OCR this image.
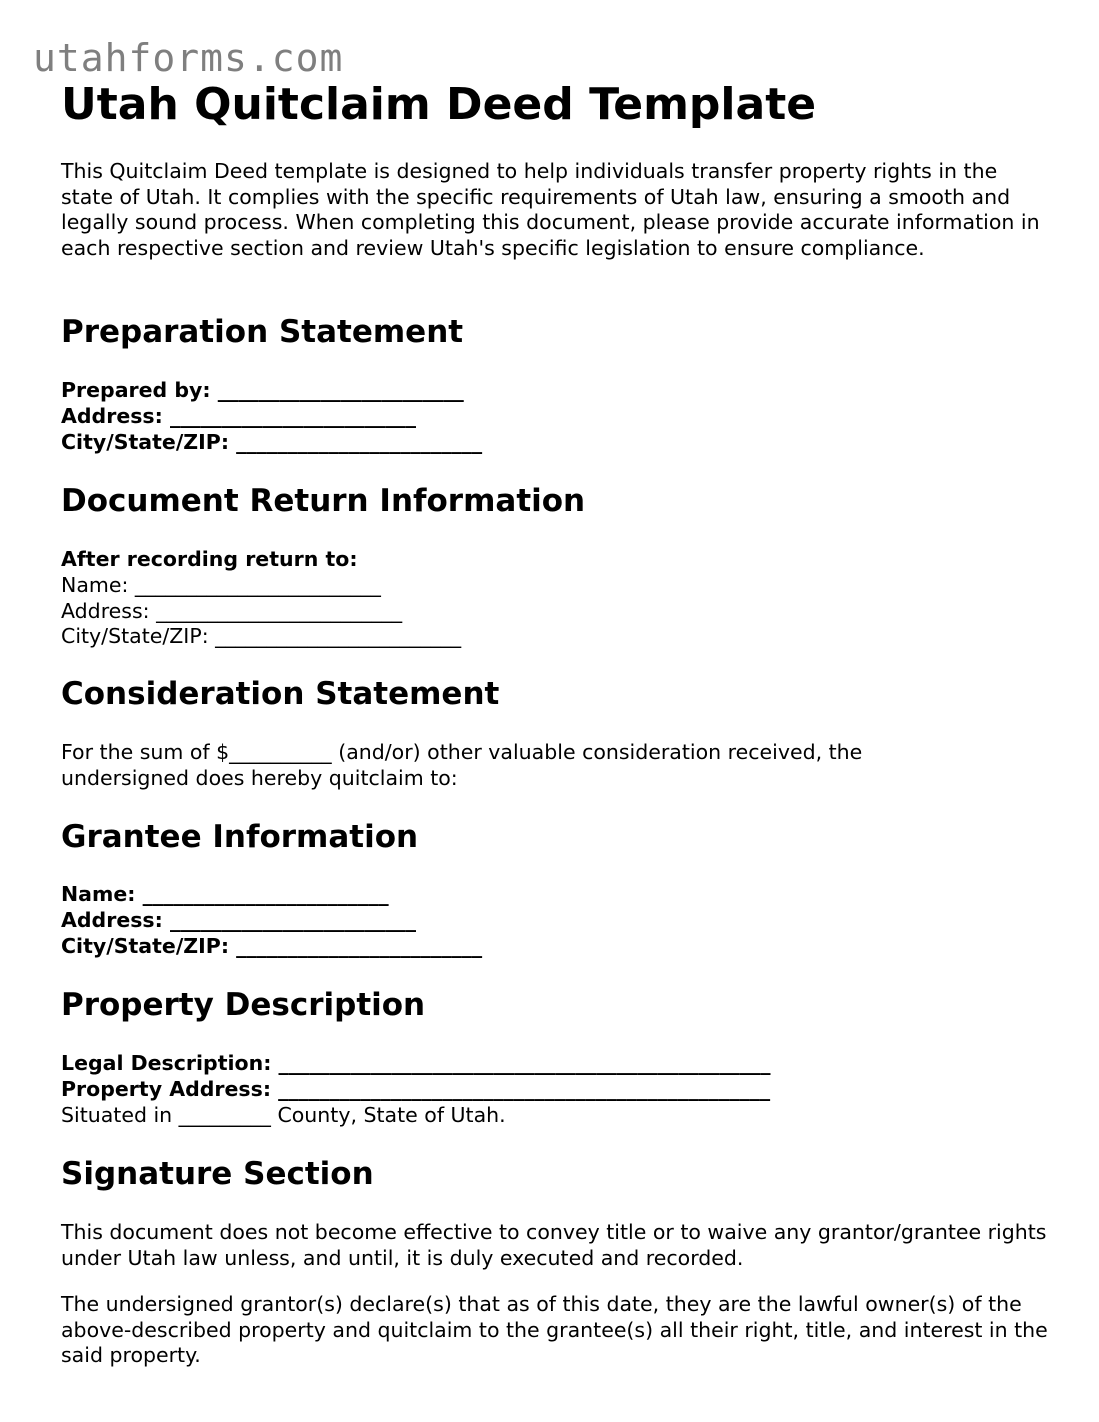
utahforms.com
Utah Quitclaim Deed Template

This Quitclaim Deed template is designed to help individuals transfer property rights in the state of Utah. It complies with the specific requirements of Utah law, ensuring a smooth and legally sound process. When completing this document, please provide accurate information in each respective section and review Utah's specific legislation to ensure compliance.

Preparation Statement
Prepared by: ________________________
Address: ________________________
City/State/ZIP: ________________________
Document Return Information
After recording return to:
Name: ________________________
Address: ________________________
City/State/ZIP: ________________________
Consideration Statement

For the sum of $__________ (and/or) other valuable consideration received, the undersigned does hereby quitclaim to:

Grantee Information
Name: ________________________
Address: ________________________
City/State/ZIP: ________________________
Property Description
Legal Description: ________________________________________________
Property Address: ________________________________________________
Situated in _________ County, State of Utah.
Signature Section

This document does not become effective to convey title or to waive any grantor/grantee rights under Utah law unless, and until, it is duly executed and recorded.

The undersigned grantor(s) declare(s) that as of this date, they are the lawful owner(s) of the above-described property and quitclaim to the grantee(s) all their right, title, and interest in the said property.
